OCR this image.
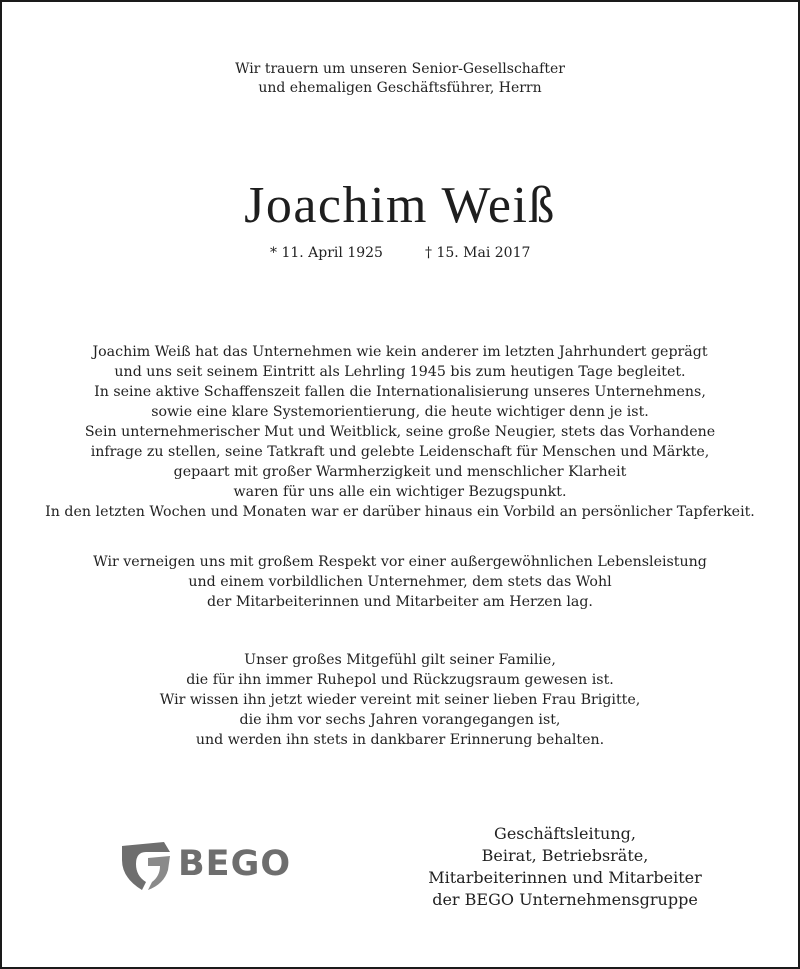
Wir trauern um unseren Senior-Gesellschafter
und ehemaligen Geschäftsführer, Herrn
Joachim Weiß
* 11. April 1925	† 15. Mai 2017
Joachim Weiß hat das Unternehmen wie kein anderer im letzten Jahrhundert geprägt
und uns seit seinem Eintritt als Lehrling 1945 bis zum heutigen Tage begleitet.
In seine aktive Schaffenszeit fallen die Internationalisierung unseres Unternehmens,
sowie eine klare Systemorientierung, die heute wichtiger denn je ist.
Sein unternehmerischer Mut und Weitblick, seine große Neugier, stets das Vorhandene
infrage zu stellen, seine Tatkraft und gelebte Leidenschaft für Menschen und Märkte,
gepaart mit großer Warmherzigkeit und menschlicher Klarheit
waren für uns alle ein wichtiger Bezugspunkt.
In den letzten Wochen und Monaten war er darüber hinaus ein Vorbild an persönlicher Tapferkeit.
Wir verneigen uns mit großem Respekt vor einer außergewöhnlichen Lebensleistung
und einem vorbildlichen Unternehmer, dem stets das Wohl
der Mitarbeiterinnen und Mitarbeiter am Herzen lag.
Unser großes Mitgefühl gilt seiner Familie,
die für ihn immer Ruhepol und Rückzugsraum gewesen ist.
Wir wissen ihn jetzt wieder vereint mit seiner lieben Frau Brigitte,
die ihm vor sechs Jahren vorangegangen ist,
und werden ihn stets in dankbarer Erinnerung behalten.
BEGO
Geschäftsleitung,
Beirat, Betriebsräte,
Mitarbeiterinnen und Mitarbeiter
der BEGO Unternehmensgruppe
